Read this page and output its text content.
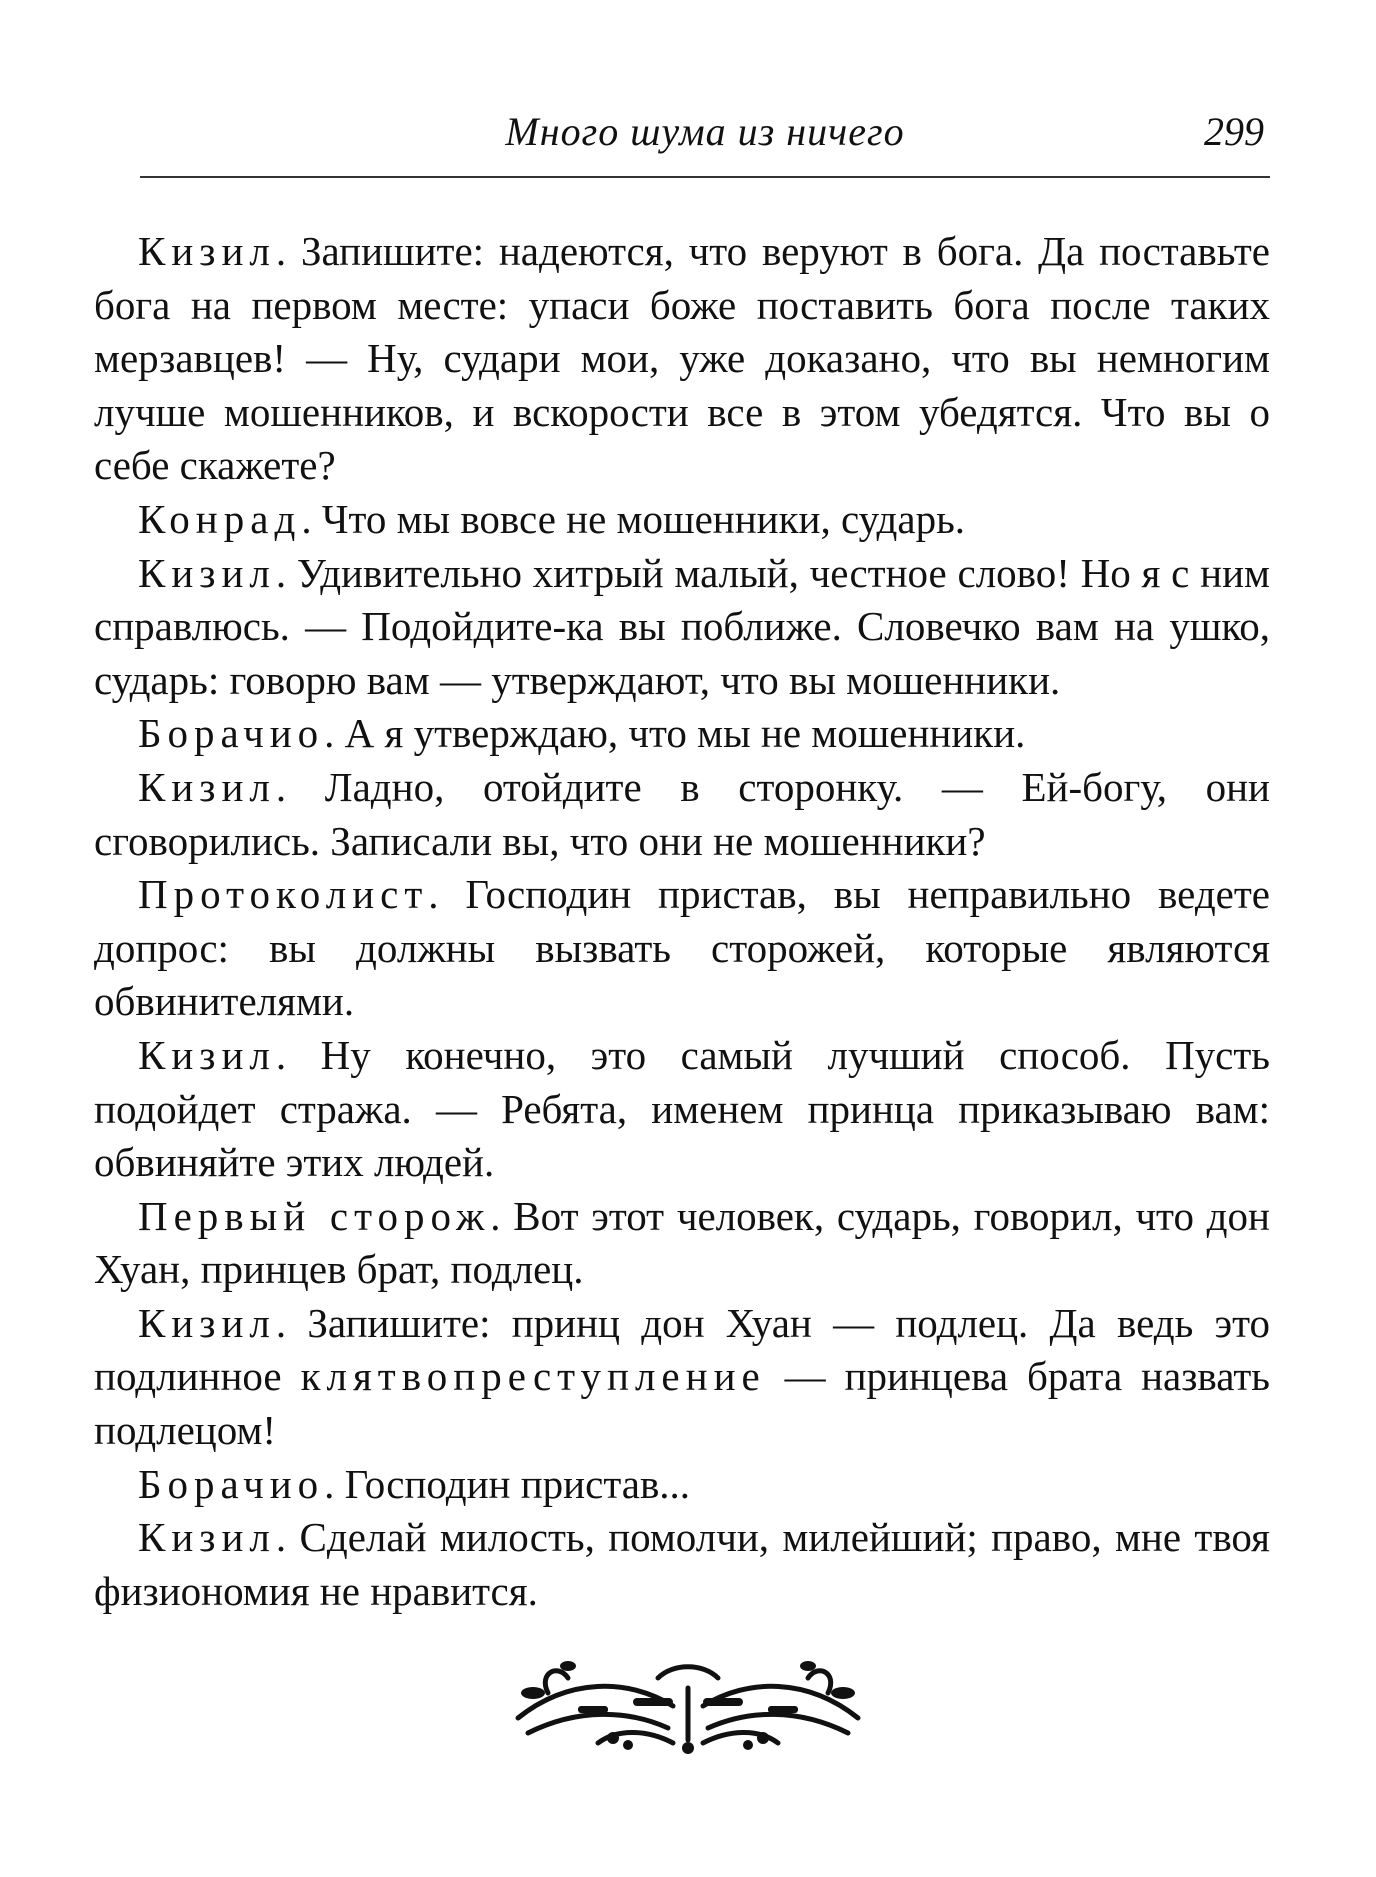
Много шума из ничего	299

Кизил. Запишите: надеются, что веруют в бога. Да поставьте бога на первом месте: упаси боже поставить бога после таких мерзавцев! — Ну, судари мои, уже доказано, что вы немногим лучше мошенников, и вскорости все в этом убедятся. Что вы о себе скажете?

Конрад. Что мы вовсе не мошенники, сударь.

Кизил. Удивительно хитрый малый, честное слово! Но я с ним справлюсь. — Подойдите-ка вы поближе. Словечко вам на ушко, сударь: говорю вам — утверждают, что вы мошенники.

Борачио. А я утверждаю, что мы не мошенники.

Кизил. Ладно, отойдите в сторонку. — Ей-богу, они сговорились. Записали вы, что они не мошенники?

Протоколист. Господин пристав, вы неправильно ведете допрос: вы должны вызвать сторожей, которые являются обвинителями.

Кизил. Ну конечно, это самый лучший способ. Пусть подойдет стража. — Ребята, именем принца приказываю вам: обвиняйте этих людей.

Первый сторож. Вот этот человек, сударь, говорил, что дон Хуан, принцев брат, подлец.

Кизил. Запишите: принц дон Хуан — подлец. Да ведь это подлинное клятвопреступление — принцева брата назвать подлецом!

Борачио. Господин пристав...

Кизил. Сделай милость, помолчи, милейший; право, мне твоя физиономия не нравится.
